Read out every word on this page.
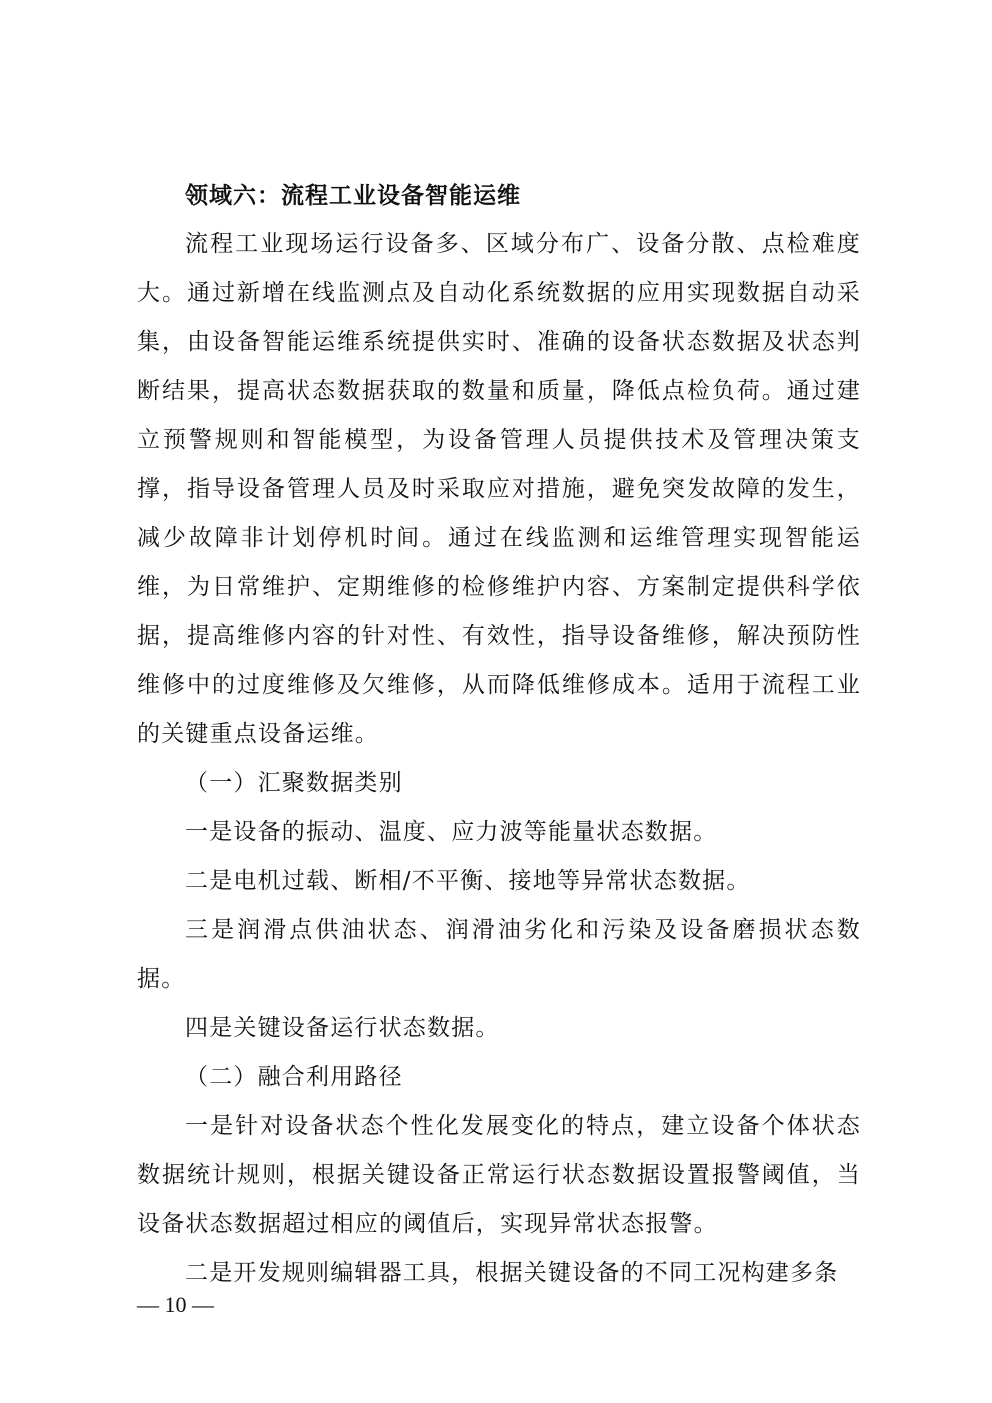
领域六：流程工业设备智能运维

流程工业现场运行设备多、区域分布广、设备分散、点检难度大。通过新增在线监测点及自动化系统数据的应用实现数据自动采集，由设备智能运维系统提供实时、准确的设备状态数据及状态判断结果，提高状态数据获取的数量和质量，降低点检负荷。通过建立预警规则和智能模型，为设备管理人员提供技术及管理决策支撑，指导设备管理人员及时采取应对措施，避免突发故障的发生，减少故障非计划停机时间。通过在线监测和运维管理实现智能运维，为日常维护、定期维修的检修维护内容、方案制定提供科学依据，提高维修内容的针对性、有效性，指导设备维修，解决预防性维修中的过度维修及欠维修，从而降低维修成本。适用于流程工业的关键重点设备运维。

（一）汇聚数据类别

一是设备的振动、温度、应力波等能量状态数据。

二是电机过载、断相/不平衡、接地等异常状态数据。

三是润滑点供油状态、润滑油劣化和污染及设备磨损状态数据。

四是关键设备运行状态数据。

（二）融合利用路径

一是针对设备状态个性化发展变化的特点，建立设备个体状态数据统计规则，根据关键设备正常运行状态数据设置报警阈值，当设备状态数据超过相应的阈值后，实现异常状态报警。

二是开发规则编辑器工具，根据关键设备的不同工况构建多条

— 10 —
